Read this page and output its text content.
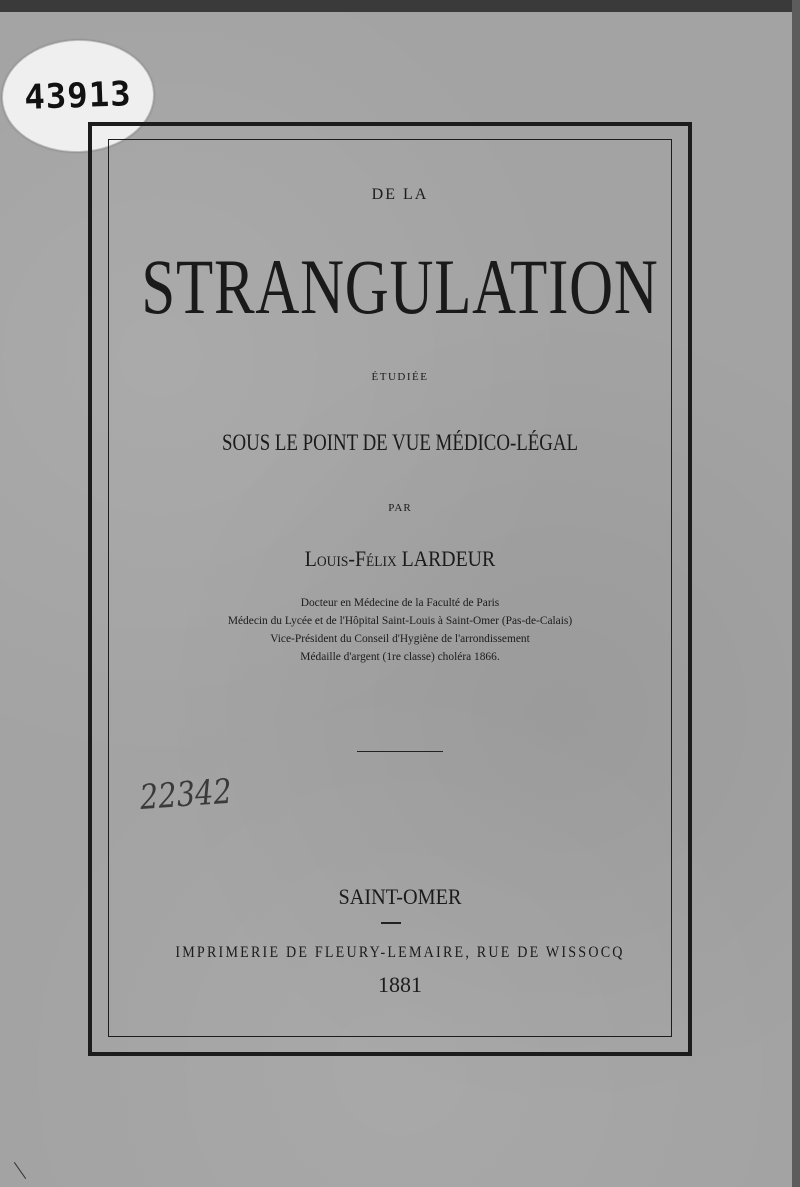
43913
DE LA
STRANGULATION
ÉTUDIÉE
SOUS LE POINT DE VUE MÉDICO-LÉGAL
PAR
Louis-Félix LARDEUR
Docteur en Médecine de la Faculté de Paris
Médecin du Lycée et de l'Hôpital Saint-Louis à Saint-Omer (Pas-de-Calais)
Vice-Président du Conseil d'Hygiène de l'arrondissement
Médaille d'argent (1re classe) choléra 1866.
22342
SAINT-OMER
IMPRIMERIE DE FLEURY-LEMAIRE, RUE DE WISSOCQ
1881
